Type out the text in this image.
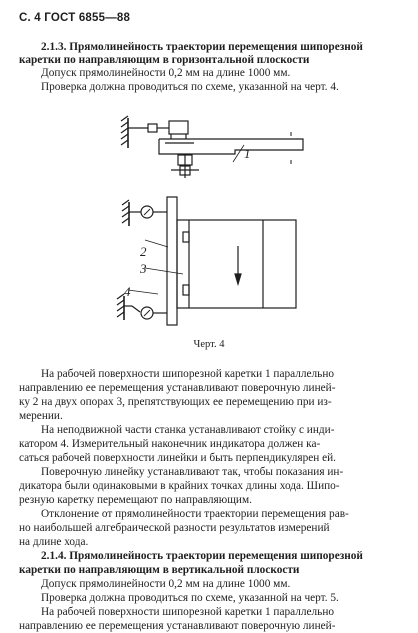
С. 4 ГОСТ 6855—88
2.1.3. Прямолинейность траектории перемещения шипорезной
каретки по направляющим в горизонтальной плоскости
Допуск прямолинейности 0,2 мм на длине 1000 мм.
Проверка должна проводиться по схеме, указанной на черт. 4.
1
2
3
4
Черт. 4
На рабочей поверхности шипорезной каретки 1 параллельно
направлению ее перемещения устанавливают поверочную линей-
ку 2 на двух опорах 3, препятствующих ее перемещению при из-
мерении.
На неподвижной части станка устанавливают стойку с инди-
катором 4. Измерительный наконечник индикатора должен ка-
саться рабочей поверхности линейки и быть перпендикулярен ей.
Поверочную линейку устанавливают так, чтобы показания ин-
дикатора были одинаковыми в крайних точках длины хода. Шипо-
резную каретку перемещают по направляющим.
Отклонение от прямолинейности траектории перемещения рав-
но наибольшей алгебраической разности результатов измерений
на длине хода.
2.1.4. Прямолинейность траектории перемещения шипорезной
каретки по направляющим в вертикальной плоскости
Допуск прямолинейности 0,2 мм на длине 1000 мм.
Проверка должна проводиться по схеме, указанной на черт. 5.
На рабочей поверхности шипорезной каретки 1 параллельно
направлению ее перемещения устанавливают поверочную линей-
